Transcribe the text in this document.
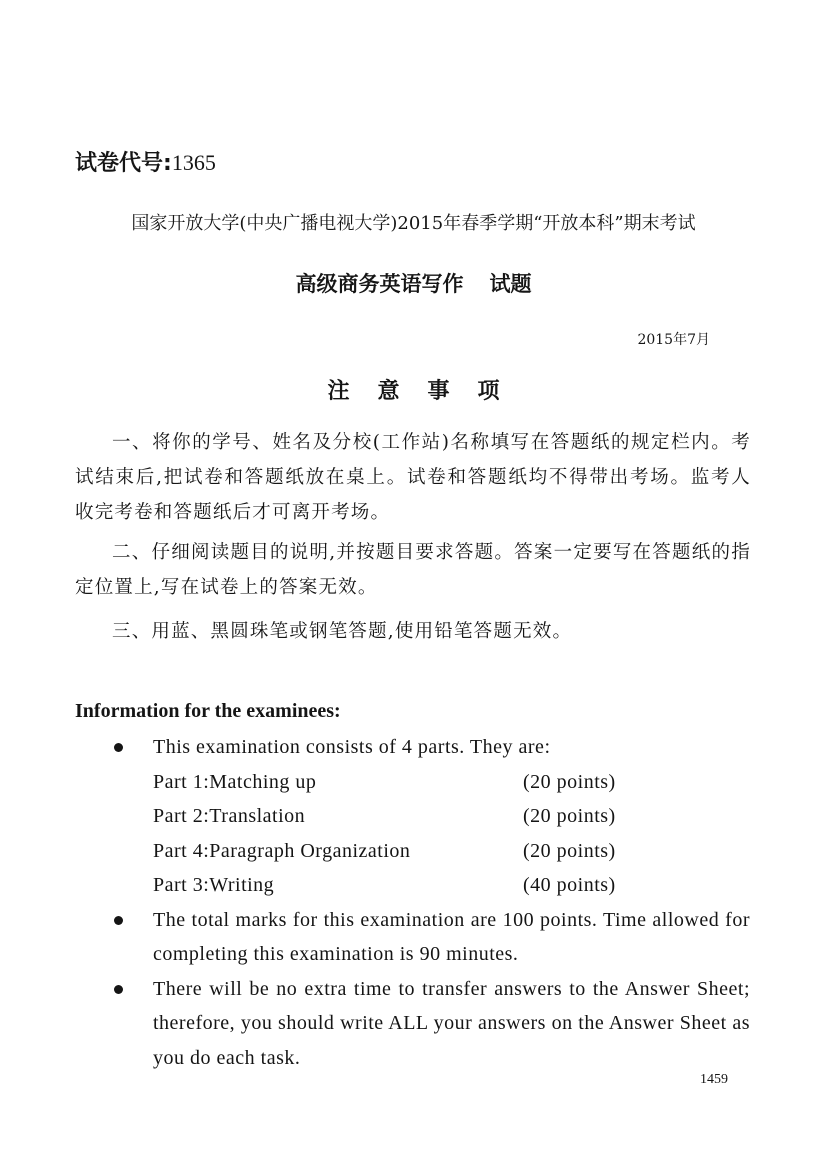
试卷代号:1365
国家开放大学(中央广播电视大学)2015年春季学期“开放本科”期末考试
高级商务英语写作 试题
2015年7月
注意事项
一、将你的学号、姓名及分校(工作站)名称填写在答题纸的规定栏内。考试结束后,把试卷和答题纸放在桌上。试卷和答题纸均不得带出考场。监考人收完考卷和答题纸后才可离开考场。
二、仔细阅读题目的说明,并按题目要求答题。答案一定要写在答题纸的指定位置上,写在试卷上的答案无效。
三、用蓝、黑圆珠笔或钢笔答题,使用铅笔答题无效。
Information for the examinees:
This examination consists of 4 parts. They are:
Part 1:Matching up	(20 points)
Part 2:Translation	(20 points)
Part 4:Paragraph Organization	(20 points)
Part 3:Writing	(40 points)
The total marks for this examination are 100 points. Time allowed for completing this examination is 90 minutes.
There will be no extra time to transfer answers to the Answer Sheet; therefore, you should write ALL your answers on the Answer Sheet as you do each task.
1459
